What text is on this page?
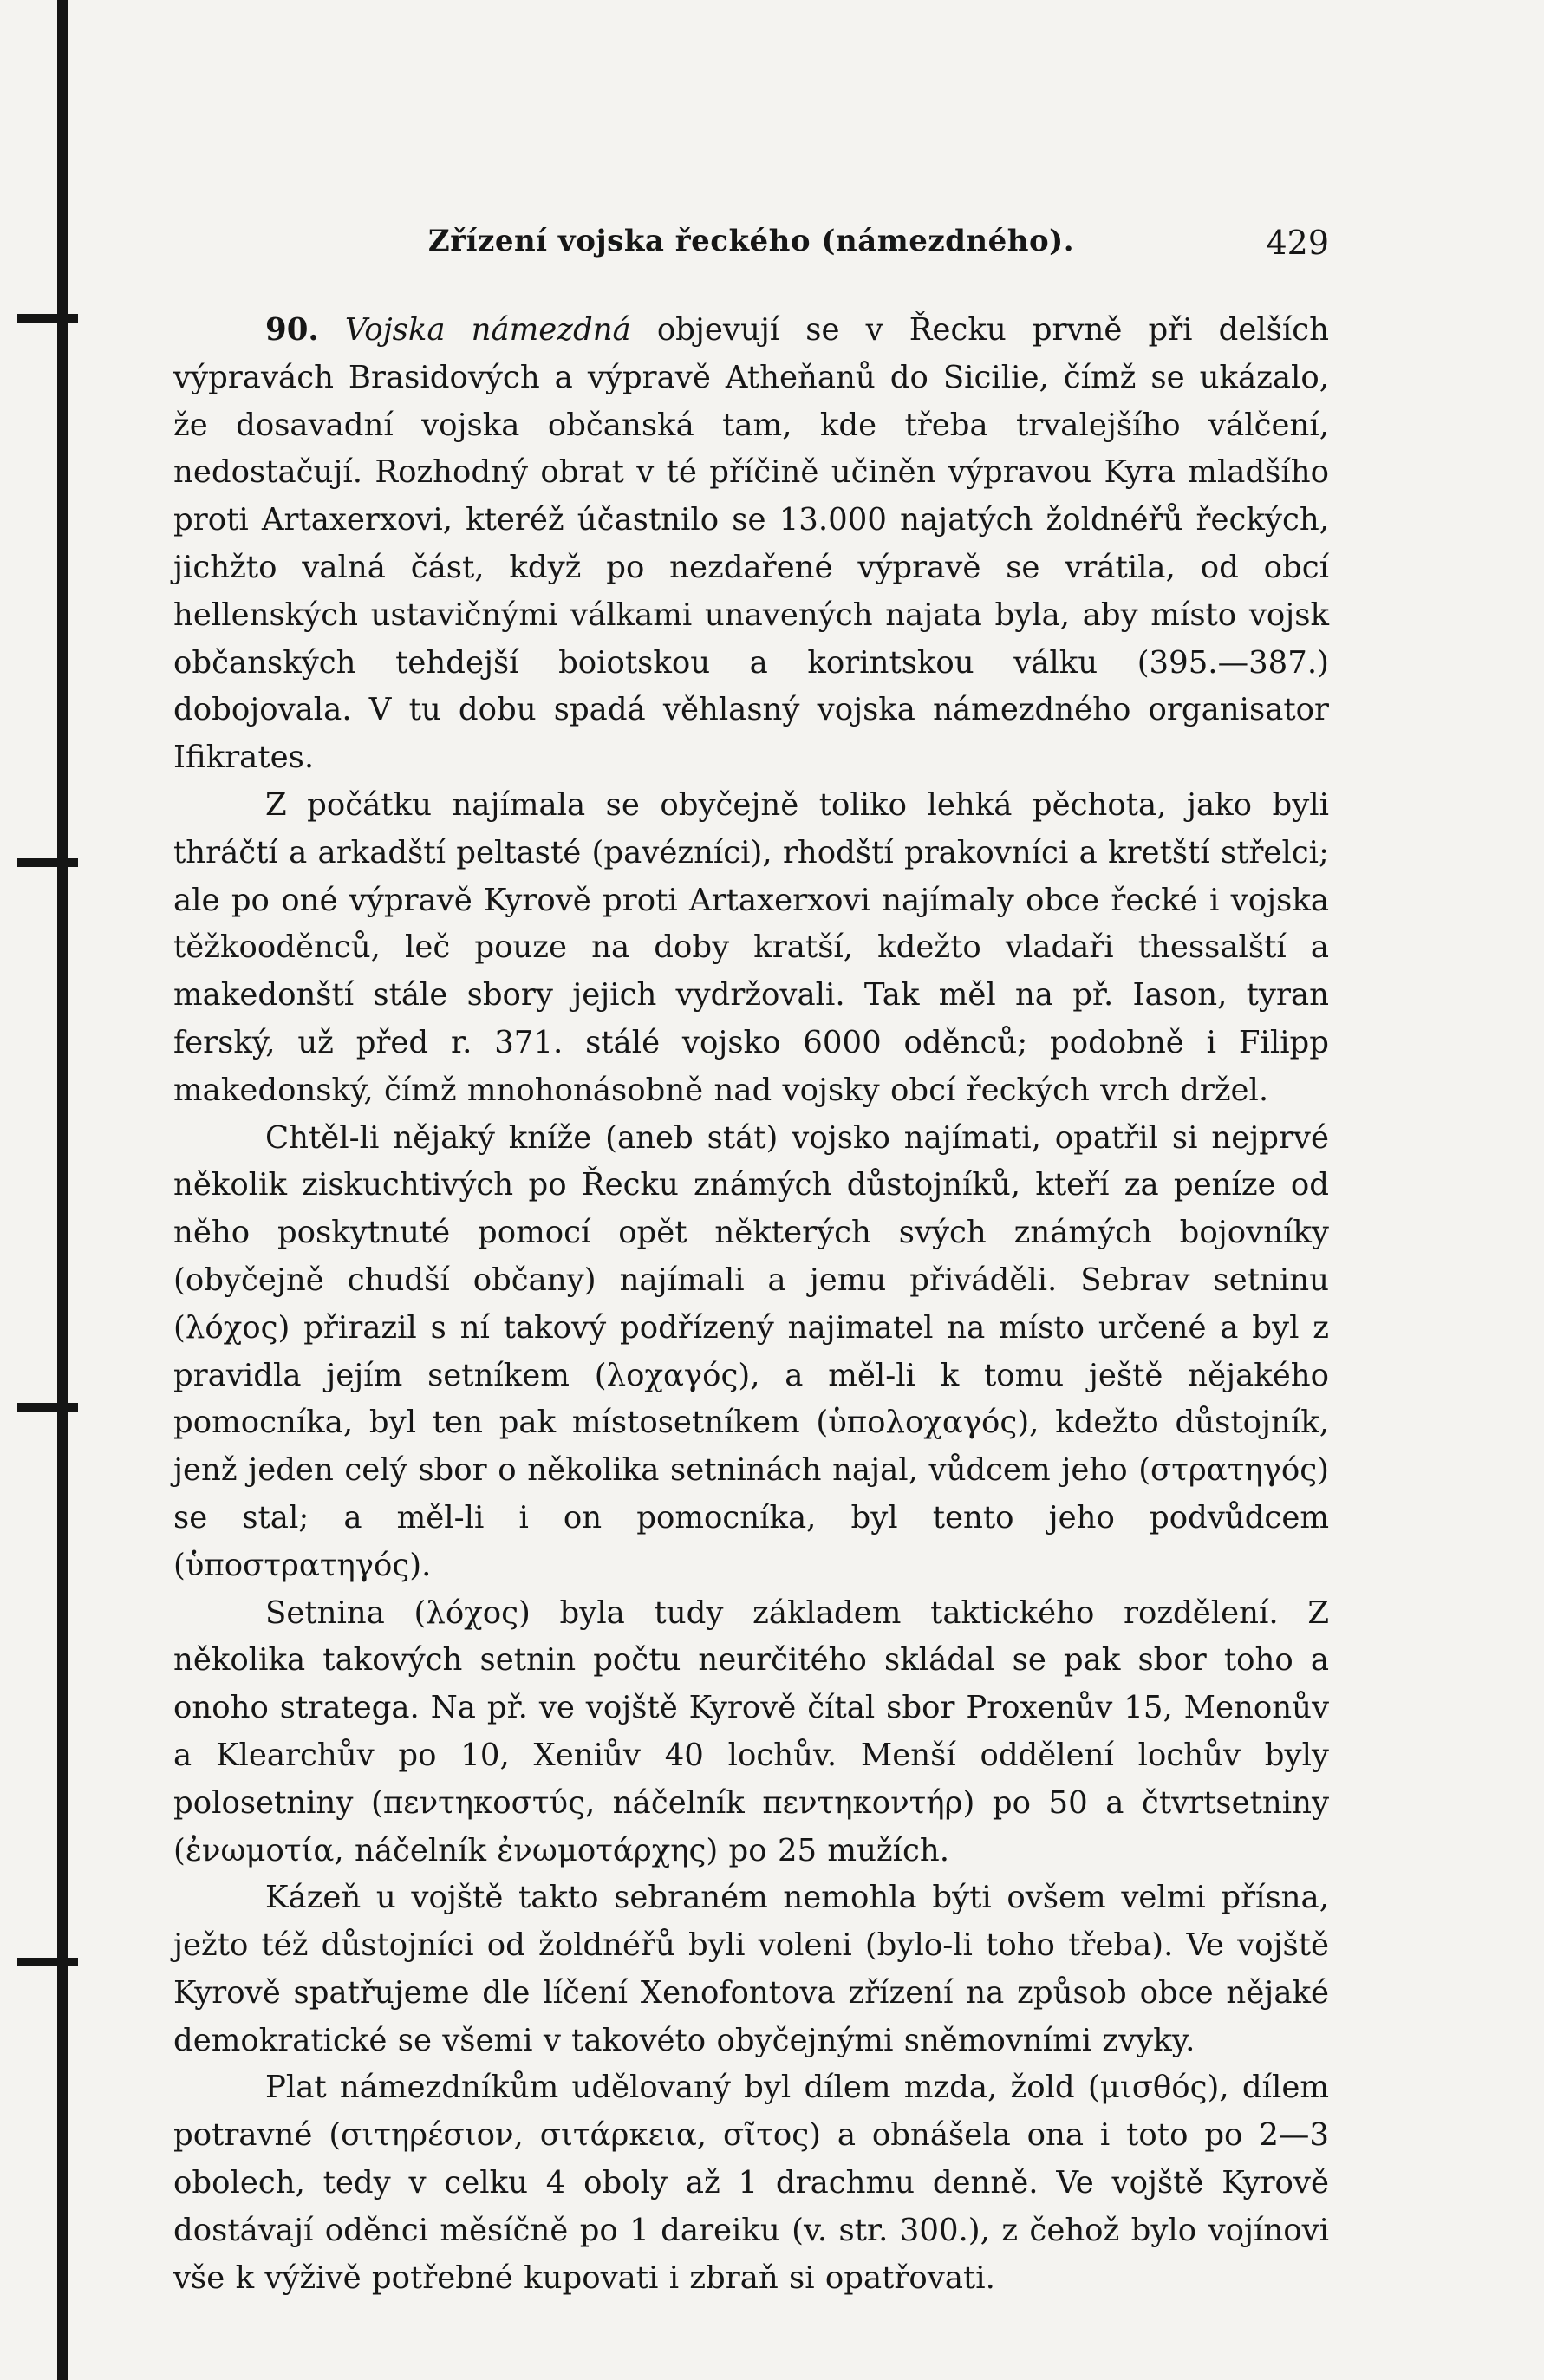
Zřízení vojska řeckého (námezdného).	429

90. Vojska námezdná objevují se v Řecku prvně při delších výpravách Brasidových a výpravě Atheňanů do Sicilie, čímž se ukázalo, že dosavadní vojska občanská tam, kde třeba trvalejšího válčení, nedostačují. Rozhodný obrat v té příčině učiněn výpravou Kyra mladšího proti Artaxerxovi, kteréž účastnilo se 13.000 najatých žoldnéřů řeckých, jichžto valná část, když po nezdařené výpravě se vrátila, od obcí hellenských ustavičnými válkami unavených najata byla, aby místo vojsk občanských tehdejší boiotskou a korintskou válku (395.—387.) dobojovala. V tu dobu spadá věhlasný vojska námezdného organisator Ifikrates.

Z počátku najímala se obyčejně toliko lehká pěchota, jako byli thráčtí a arkadští peltasté (pavézníci), rhodští prakovníci a kretští střelci; ale po oné výpravě Kyrově proti Artaxerxovi najímaly obce řecké i vojska těžkooděnců, leč pouze na doby kratší, kdežto vladaři thessalští a makedonští stále sbory jejich vydržovali. Tak měl na př. Iason, tyran ferský, už před r. 371. stálé vojsko 6000 oděnců; podobně i Filipp makedonský, čímž mnohonásobně nad vojsky obcí řeckých vrch držel.

Chtěl-li nějaký kníže (aneb stát) vojsko najímati, opatřil si nejprvé několik ziskuchtivých po Řecku známých důstojníků, kteří za peníze od něho poskytnuté pomocí opět některých svých známých bojovníky (obyčejně chudší občany) najímali a jemu přiváděli. Sebrav setninu (λόχος) přirazil s ní takový podřízený najimatel na místo určené a byl z pravidla jejím setníkem (λοχαγός), a měl-li k tomu ještě nějakého pomocníka, byl ten pak místosetníkem (ὑπολοχαγός), kdežto důstojník, jenž jeden celý sbor o několika setninách najal, vůdcem jeho (στρατηγός) se stal; a měl-li i on pomocníka, byl tento jeho podvůdcem (ὑποστρατηγός).

Setnina (λόχος) byla tudy základem taktického rozdělení. Z několika takových setnin počtu neurčitého skládal se pak sbor toho a onoho stratega. Na př. ve vojště Kyrově čítal sbor Proxenův 15, Menonův a Klearchův po 10, Xeniův 40 lochův. Menší oddělení lochův byly polosetniny (πεντηκοστύς, náčelník πεντηκοντήρ) po 50 a čtvrtsetniny (ἐνωμοτία, náčelník ἐνωμοτάρχης) po 25 mužích.

Kázeň u vojště takto sebraném nemohla býti ovšem velmi přísna, ježto též důstojníci od žoldnéřů byli voleni (bylo-li toho třeba). Ve vojště Kyrově spatřujeme dle líčení Xenofontova zřízení na způsob obce nějaké demokratické se všemi v takovéto obyčejnými sněmovními zvyky.

Plat námezdníkům udělovaný byl dílem mzda, žold (μισθός), dílem potravné (σιτηρέσιον, σιτάρκεια, σῖτος) a obnášela ona i toto po 2—3 obolech, tedy v celku 4 oboly až 1 drachmu denně. Ve vojště Kyrově dostávají oděnci měsíčně po 1 dareiku (v. str. 300.), z čehož bylo vojínovi vše k výživě potřebné kupovati i zbraň si opatřovati.
